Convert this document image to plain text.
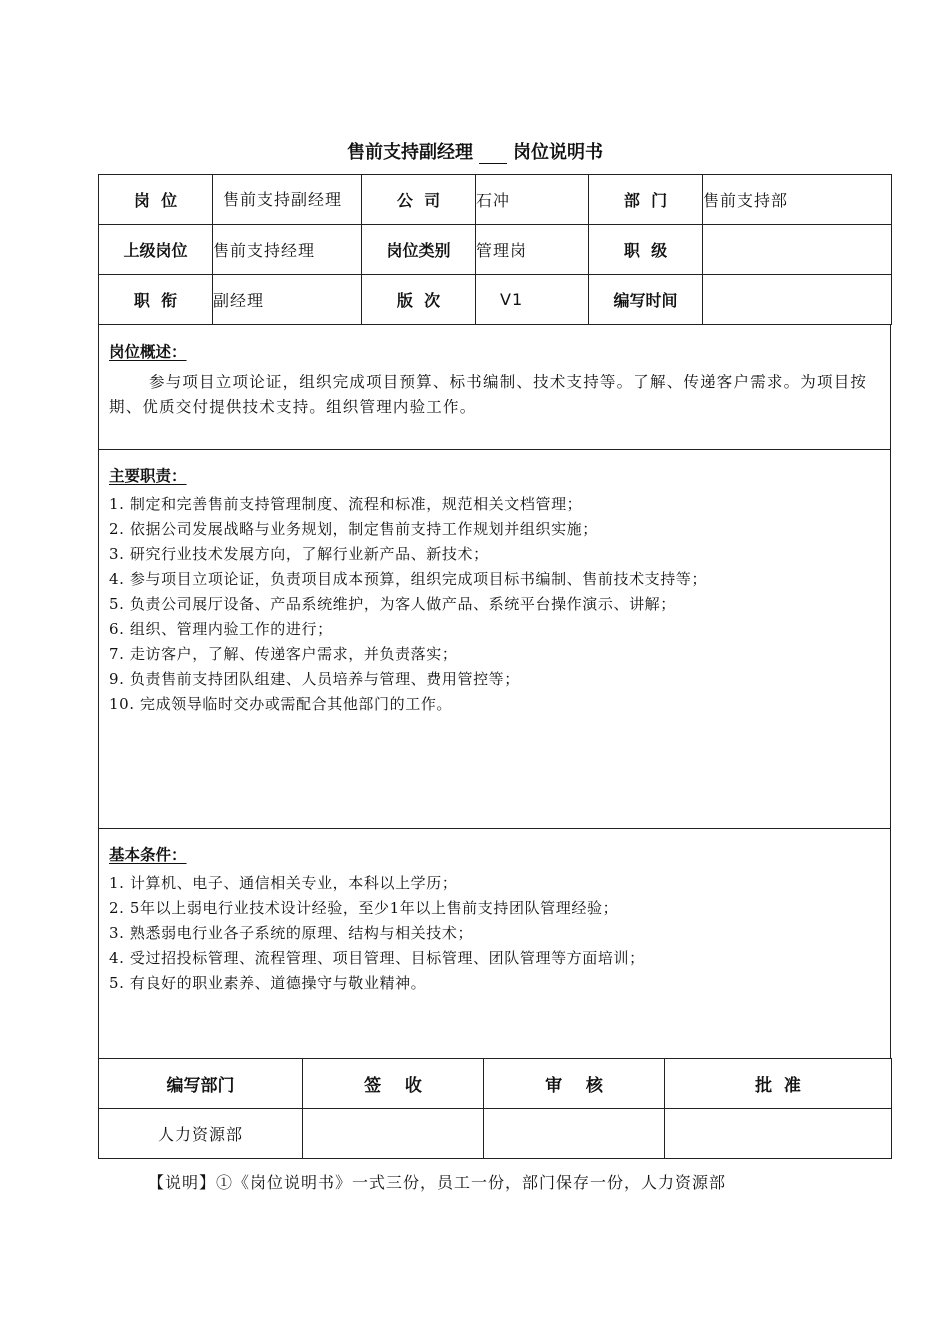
售前支持副经理 岗位说明书
岗  位	售前支持副经理	公  司	石冲	部  门	售前支持部
上级岗位	售前支持经理	岗位类别	管理岗	职  级	
职  衔	副经理	版  次	V1	编写时间	
岗位概述：
参与项目立项论证，组织完成项目预算、标书编制、技术支持等。了解、传递客户需求。为项目按期、优质交付提供技术支持。组织管理内验工作。
主要职责：
1. 制定和完善售前支持管理制度、流程和标准，规范相关文档管理；
2. 依据公司发展战略与业务规划，制定售前支持工作规划并组织实施；
3. 研究行业技术发展方向，了解行业新产品、新技术；
4. 参与项目立项论证，负责项目成本预算，组织完成项目标书编制、售前技术支持等；
5. 负责公司展厅设备、产品系统维护，为客人做产品、系统平台操作演示、讲解；
6. 组织、管理内验工作的进行；
7. 走访客户，了解、传递客户需求，并负责落实；
9. 负责售前支持团队组建、人员培养与管理、费用管控等；
10. 完成领导临时交办或需配合其他部门的工作。
基本条件：
1. 计算机、电子、通信相关专业，本科以上学历；
2. 5年以上弱电行业技术设计经验，至少1年以上售前支持团队管理经验；
3. 熟悉弱电行业各子系统的原理、结构与相关技术；
4. 受过招投标管理、流程管理、项目管理、目标管理、团队管理等方面培训；
5. 有良好的职业素养、道德操守与敬业精神。
编写部门	签    收	审    核	批  准
人力资源部			
【说明】①《岗位说明书》一式三份，员工一份，部门保存一份，人力资源部
